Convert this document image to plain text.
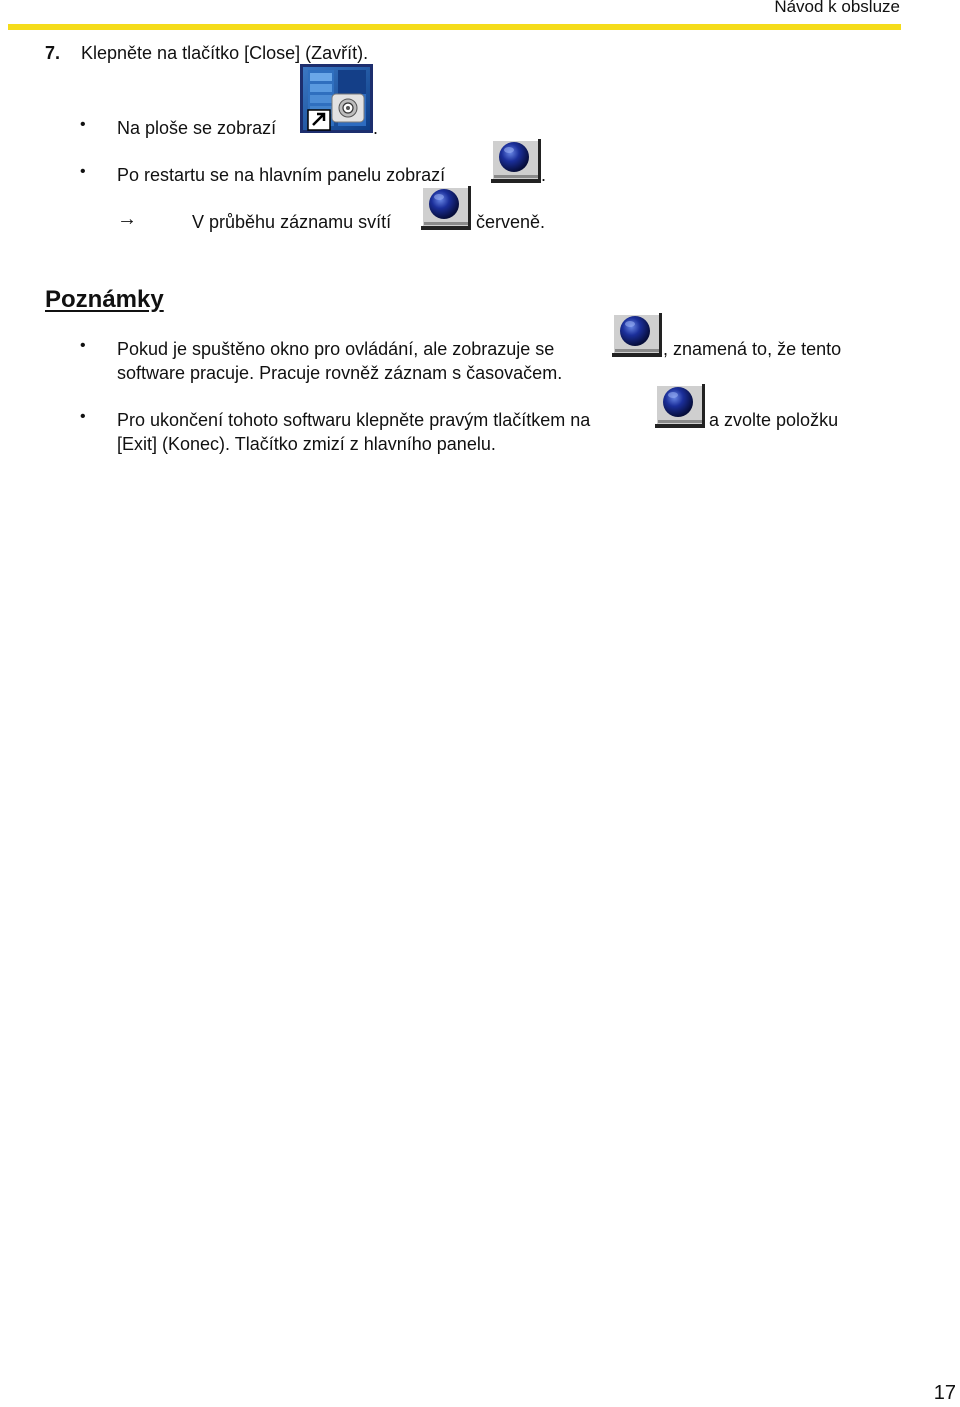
Návod k obsluze
7. Klepněte na tlačítko [Close] (Zavřít).
• Na ploše se zobrazí	.
• Po restartu se na hlavním panelu zobrazí	.
→	V průběhu záznamu svítí	červeně.
Poznámky
• Pokud je spuštěno okno pro ovládání, ale zobrazuje se	, znamená to, že tento
software pracuje. Pracuje rovněž záznam s časovačem.
• Pro ukončení tohoto softwaru klepněte pravým tlačítkem na	a zvolte položku
[Exit] (Konec). Tlačítko zmizí z hlavního panelu.
17
